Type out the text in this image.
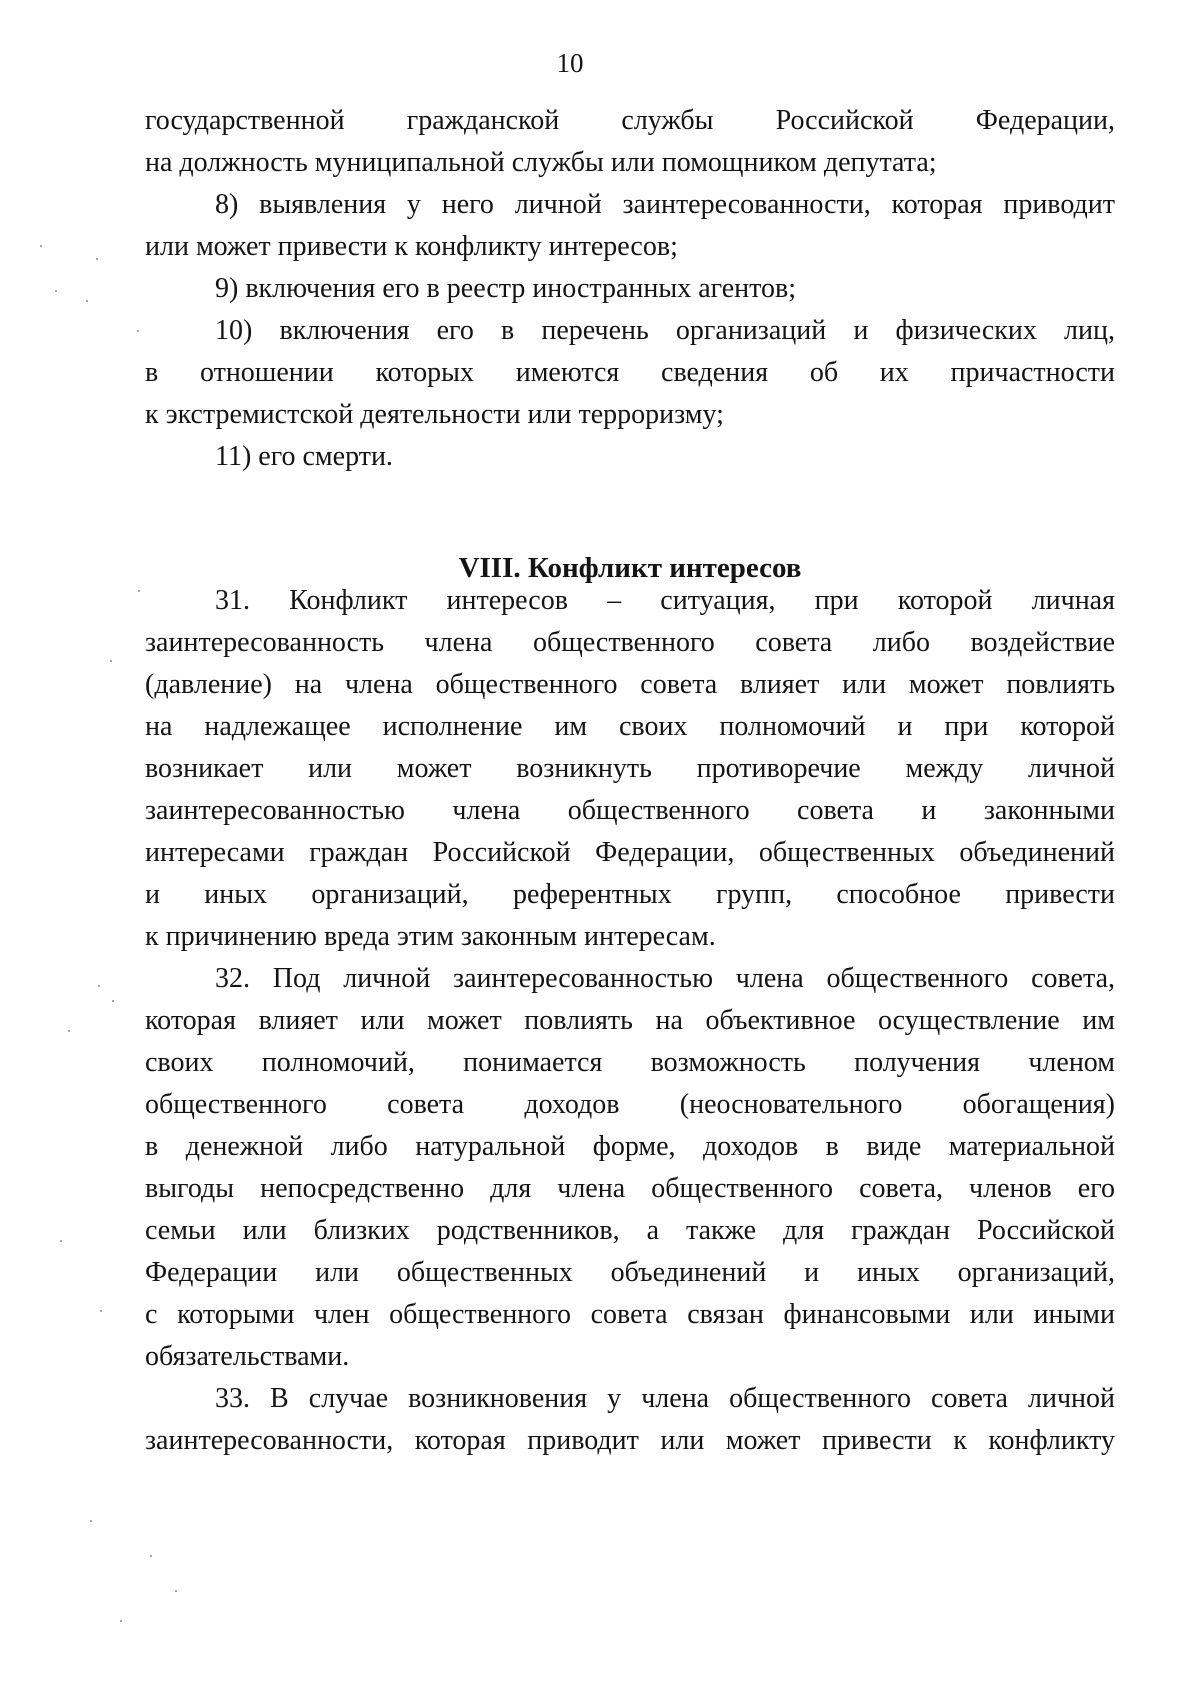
10
государственной гражданской службы Российской Федерации,
на должность муниципальной службы или помощником депутата;
8) выявления у него личной заинтересованности, которая приводит
или может привести к конфликту интересов;
9) включения его в реестр иностранных агентов;
10) включения его в перечень организаций и физических лиц,
в отношении которых имеются сведения об их причастности
к экстремистской деятельности или терроризму;
11) его смерти.
VIII. Конфликт интересов
31. Конфликт интересов – ситуация, при которой личная
заинтересованность члена общественного совета либо воздействие
(давление) на члена общественного совета влияет или может повлиять
на надлежащее исполнение им своих полномочий и при которой
возникает или может возникнуть противоречие между личной
заинтересованностью члена общественного совета и законными
интересами граждан Российской Федерации, общественных объединений
и иных организаций, референтных групп, способное привести
к причинению вреда этим законным интересам.
32. Под личной заинтересованностью члена общественного совета,
которая влияет или может повлиять на объективное осуществление им
своих полномочий, понимается возможность получения членом
общественного совета доходов (неосновательного обогащения)
в денежной либо натуральной форме, доходов в виде материальной
выгоды непосредственно для члена общественного совета, членов его
семьи или близких родственников, а также для граждан Российской
Федерации или общественных объединений и иных организаций,
с которыми член общественного совета связан финансовыми или иными
обязательствами.
33. В случае возникновения у члена общественного совета личной
заинтересованности, которая приводит или может привести к конфликту
